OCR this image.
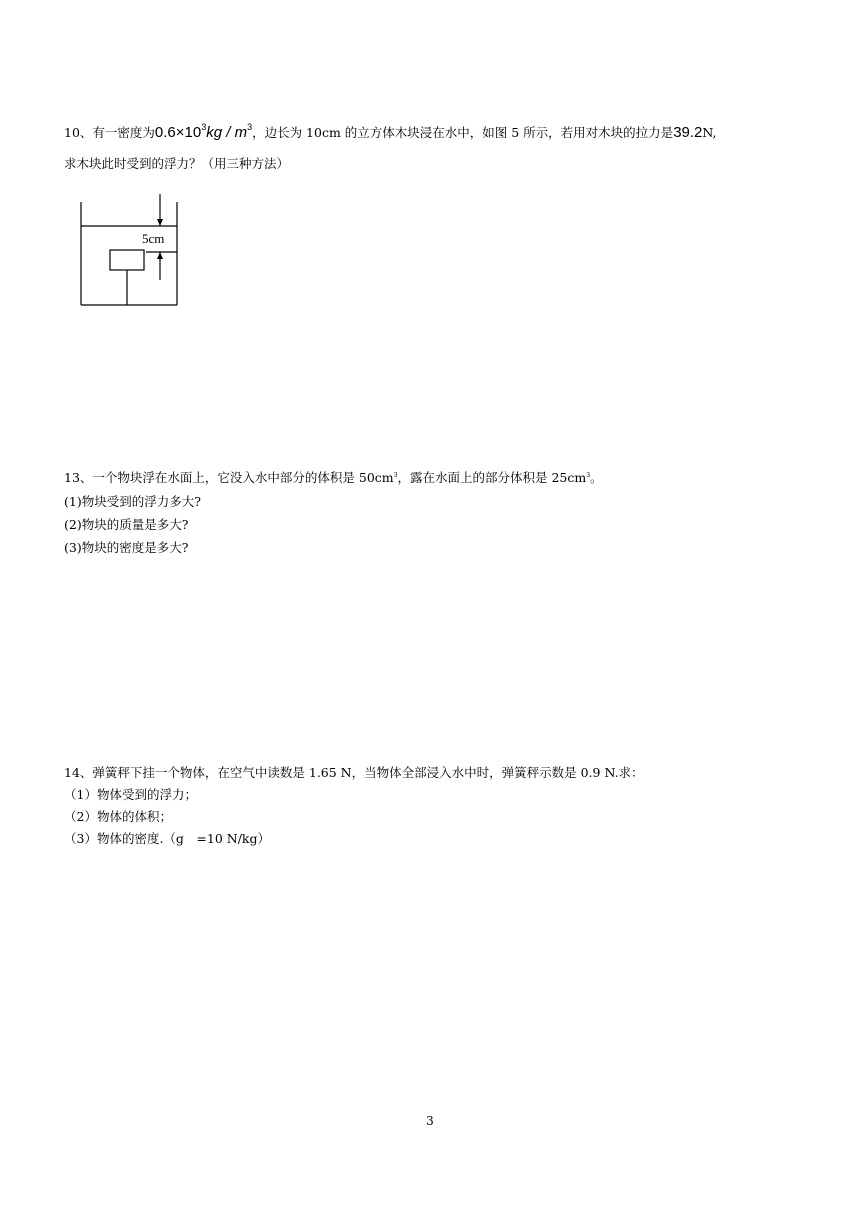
10、有一密度为$0.6\times 10^3kg / m^3$，边长为 10cm 的立方体木块浸在水中，如图 5 所示，若用对木块的拉力是39.2N,
求木块此时受到的浮力？（用三种方法）
5cm
13、一个物块浮在水面上，它没入水中部分的体积是 $50cm^3$，露在水面上的部分体积是 $25cm^3$。
(1)物块受到的浮力多大?
(2)物块的质量是多大?
(3)物块的密度是多大?
14、弹簧秤下挂一个物体，在空气中读数是 1.65 N，当物体全部浸入水中时，弹簧秤示数是 0.9 N.求：
（1）物体受到的浮力；
（2）物体的体积；
（3）物体的密度.（g　=10 N/kg）
3
